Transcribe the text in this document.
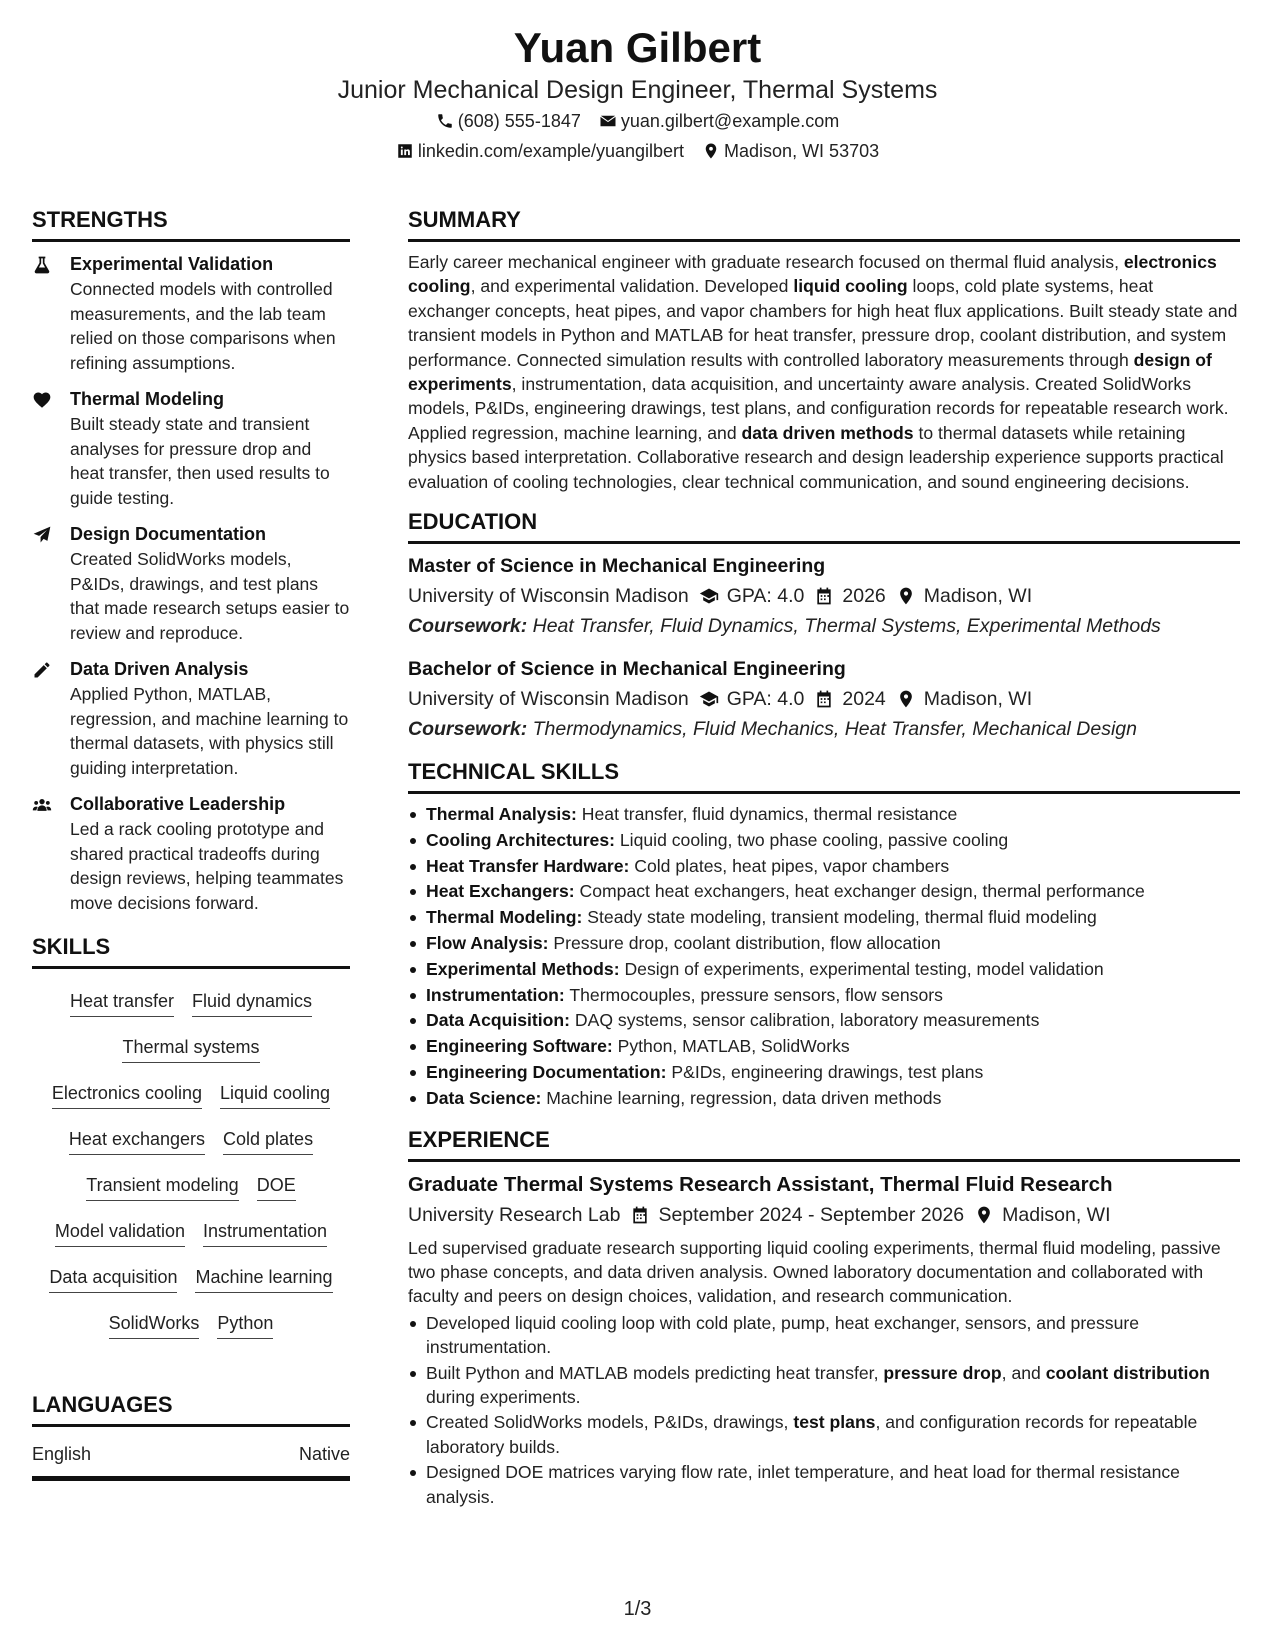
Yuan Gilbert
Junior Mechanical Design Engineer, Thermal Systems
(608) 555-1847 yuan.gilbert@example.com
linkedin.com/example/yuangilbert Madison, WI 53703
STRENGTHS
Experimental Validation
Connected models with controlled measurements, and the lab team relied on those comparisons when refining assumptions.
Thermal Modeling
Built steady state and transient analyses for pressure drop and heat transfer, then used results to guide testing.
Design Documentation
Created SolidWorks models, P&IDs, drawings, and test plans that made research setups easier to review and reproduce.
Data Driven Analysis
Applied Python, MATLAB, regression, and machine learning to thermal datasets, with physics still guiding interpretation.
Collaborative Leadership
Led a rack cooling prototype and shared practical tradeoffs during design reviews, helping teammates move decisions forward.
SKILLS
Heat transfer Fluid dynamics
Thermal systems
Electronics cooling Liquid cooling
Heat exchangers Cold plates
Transient modeling DOE
Model validation Instrumentation
Data acquisition Machine learning
SolidWorks Python
LANGUAGES
English	Native
SUMMARY
Early career mechanical engineer with graduate research focused on thermal fluid analysis, electronics cooling, and experimental validation. Developed liquid cooling loops, cold plate systems, heat exchanger concepts, heat pipes, and vapor chambers for high heat flux applications. Built steady state and transient models in Python and MATLAB for heat transfer, pressure drop, coolant distribution, and system performance. Connected simulation results with controlled laboratory measurements through design of experiments, instrumentation, data acquisition, and uncertainty aware analysis. Created SolidWorks models, P&IDs, engineering drawings, test plans, and configuration records for repeatable research work. Applied regression, machine learning, and data driven methods to thermal datasets while retaining physics based interpretation. Collaborative research and design leadership experience supports practical evaluation of cooling technologies, clear technical communication, and sound engineering decisions.
EDUCATION
Master of Science in Mechanical Engineering
University of Wisconsin Madison GPA: 4.0 2026 Madison, WI
Coursework: Heat Transfer, Fluid Dynamics, Thermal Systems, Experimental Methods
Bachelor of Science in Mechanical Engineering
University of Wisconsin Madison GPA: 4.0 2024 Madison, WI
Coursework: Thermodynamics, Fluid Mechanics, Heat Transfer, Mechanical Design
TECHNICAL SKILLS
Thermal Analysis: Heat transfer, fluid dynamics, thermal resistance
Cooling Architectures: Liquid cooling, two phase cooling, passive cooling
Heat Transfer Hardware: Cold plates, heat pipes, vapor chambers
Heat Exchangers: Compact heat exchangers, heat exchanger design, thermal performance
Thermal Modeling: Steady state modeling, transient modeling, thermal fluid modeling
Flow Analysis: Pressure drop, coolant distribution, flow allocation
Experimental Methods: Design of experiments, experimental testing, model validation
Instrumentation: Thermocouples, pressure sensors, flow sensors
Data Acquisition: DAQ systems, sensor calibration, laboratory measurements
Engineering Software: Python, MATLAB, SolidWorks
Engineering Documentation: P&IDs, engineering drawings, test plans
Data Science: Machine learning, regression, data driven methods
EXPERIENCE
Graduate Thermal Systems Research Assistant, Thermal Fluid Research
University Research Lab September 2024 - September 2026 Madison, WI
Led supervised graduate research supporting liquid cooling experiments, thermal fluid modeling, passive two phase concepts, and data driven analysis. Owned laboratory documentation and collaborated with faculty and peers on design choices, validation, and research communication.
Developed liquid cooling loop with cold plate, pump, heat exchanger, sensors, and pressure instrumentation.
Built Python and MATLAB models predicting heat transfer, pressure drop, and coolant distribution during experiments.
Created SolidWorks models, P&IDs, drawings, test plans, and configuration records for repeatable laboratory builds.
Designed DOE matrices varying flow rate, inlet temperature, and heat load for thermal resistance analysis.
1/3
